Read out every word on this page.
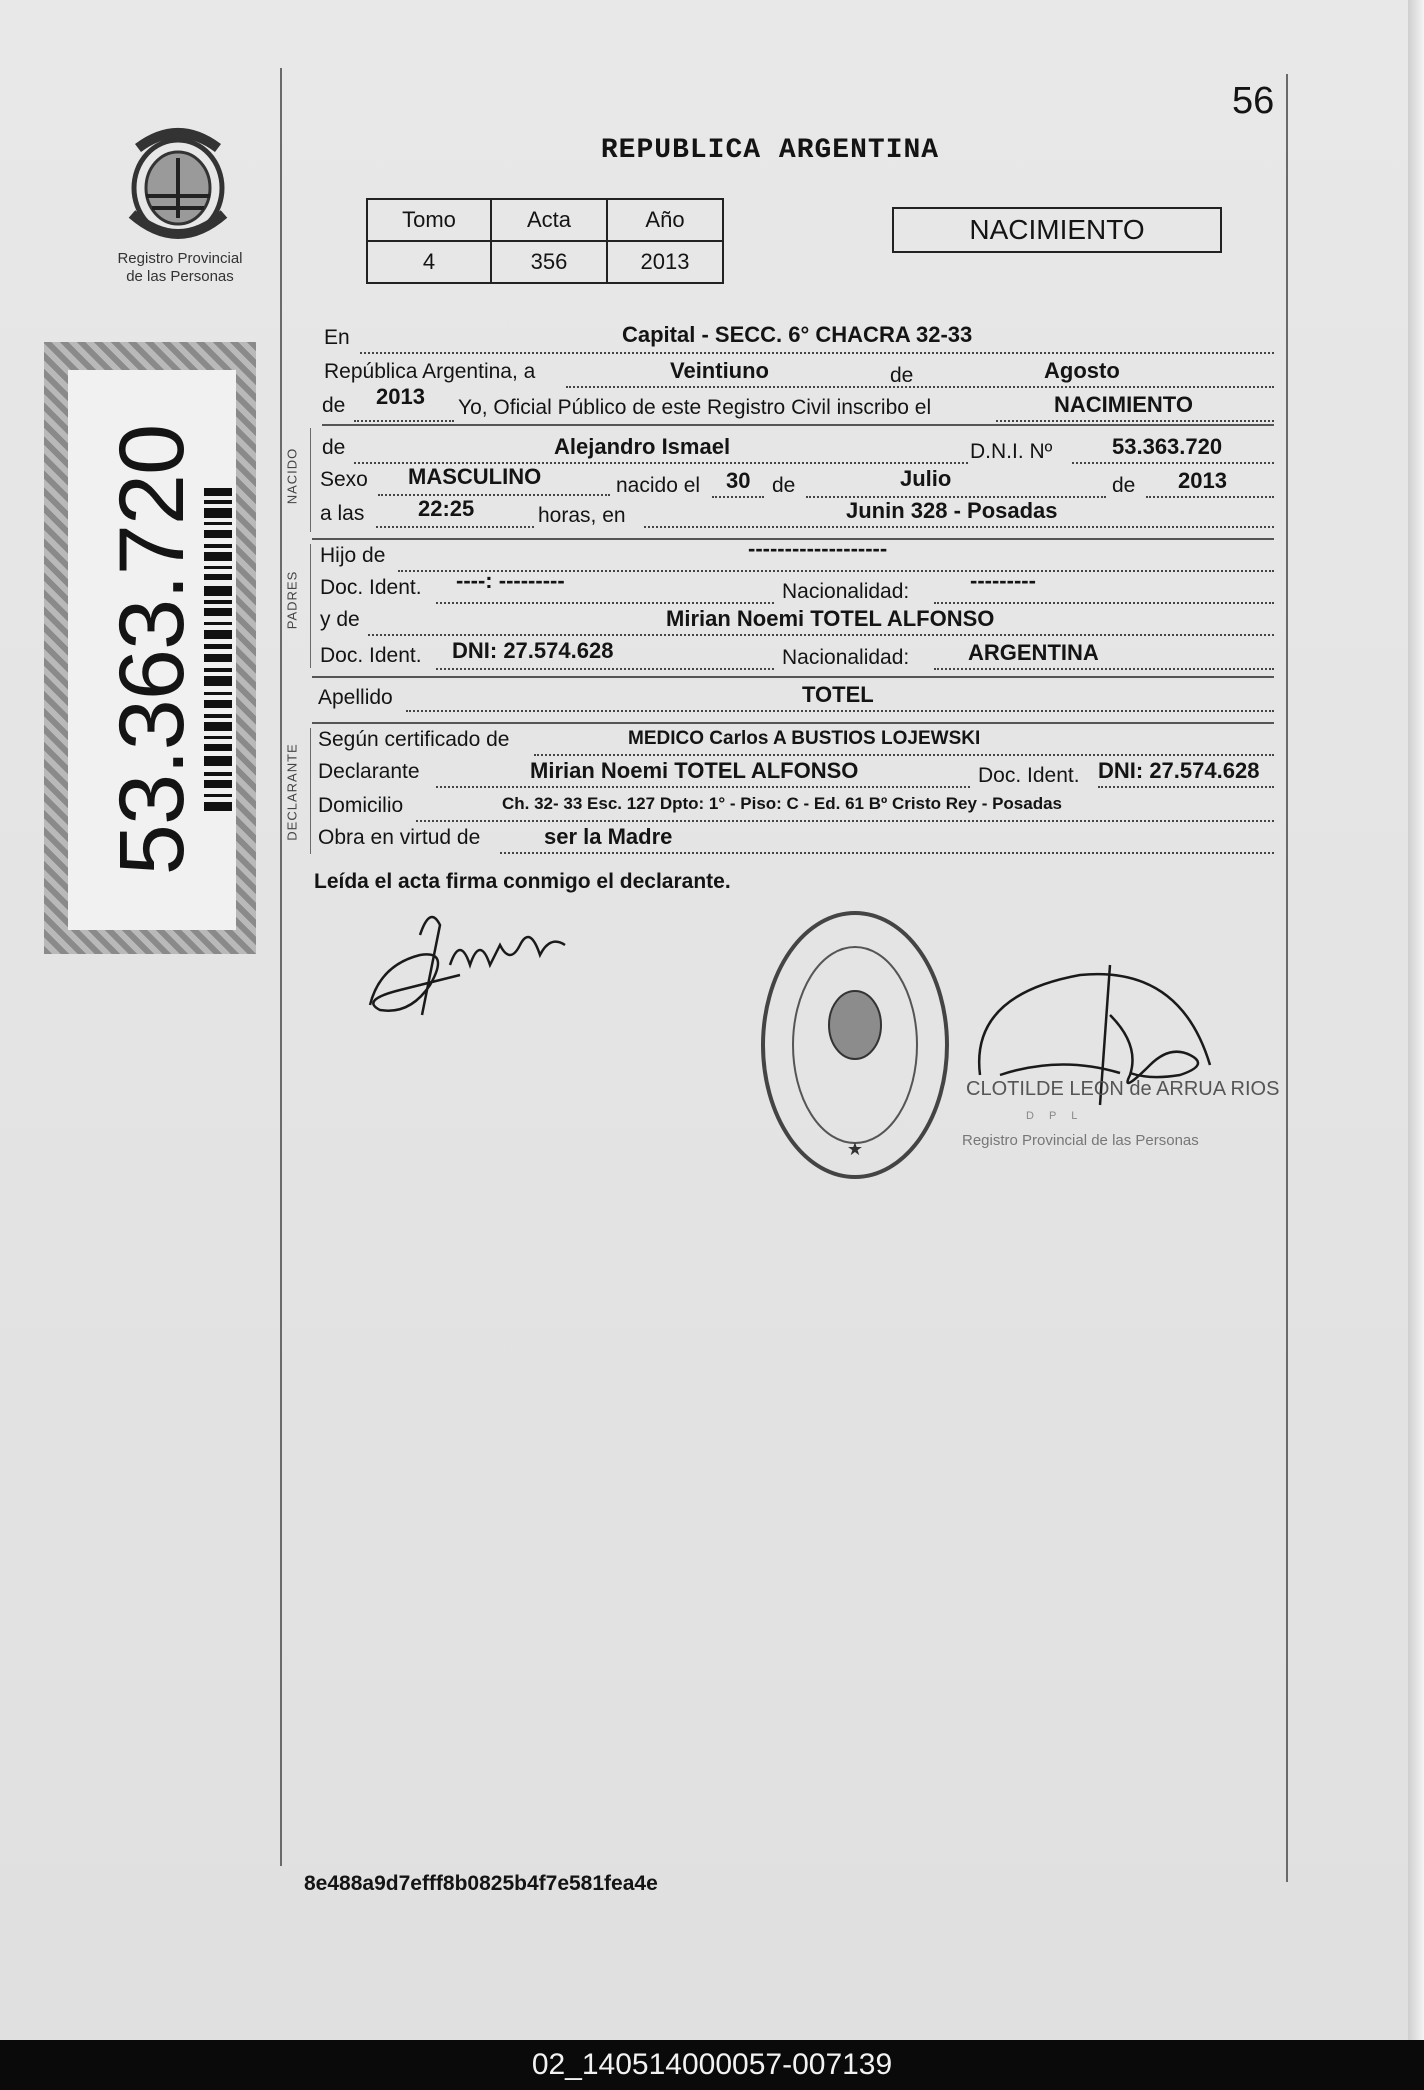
56
Registro Provincial
de las Personas
REPUBLICA ARGENTINA
Tomo	Acta	Año
4	356	2013
NACIMIENTO
53.363.720	NACIDO
PADRES
DECLARANTE
En	Capital - SECC. 6° CHACRA 32-33
República Argentina, a	Veintiuno	de	Agosto
de 2013 Yo, Oficial Público de este Registro Civil inscribo el	NACIMIENTO
de	Alejandro Ismael	D.N.I. Nº	53.363.720
Sexo MASCULINO	nacido el 30 de	Julio	de 2013
a las 22:25	horas, en	Junin 328 - Posadas
Hijo de	-------------------
Doc. Ident. ----: ---------	Nacionalidad:	---------
y de	Mirian Noemi TOTEL ALFONSO
Doc. Ident. DNI: 27.574.628	Nacionalidad:	ARGENTINA
Apellido	TOTEL
Según certificado de	MEDICO Carlos A BUSTIOS LOJEWSKI
Declarante	Mirian Noemi TOTEL ALFONSO	Doc. Ident. DNI: 27.574.628
Domicilio	Ch. 32- 33 Esc. 127 Dpto: 1° - Piso: C - Ed. 61 Bº Cristo Rey - Posadas
Obra en virtud de	ser la Madre
Leída el acta firma conmigo el declarante.
★
CLOTILDE LEON de ARRUA RIOS
D P L
Registro Provincial de las Personas
8e488a9d7efff8b0825b4f7e581fea4e
02_140514000057-007139
